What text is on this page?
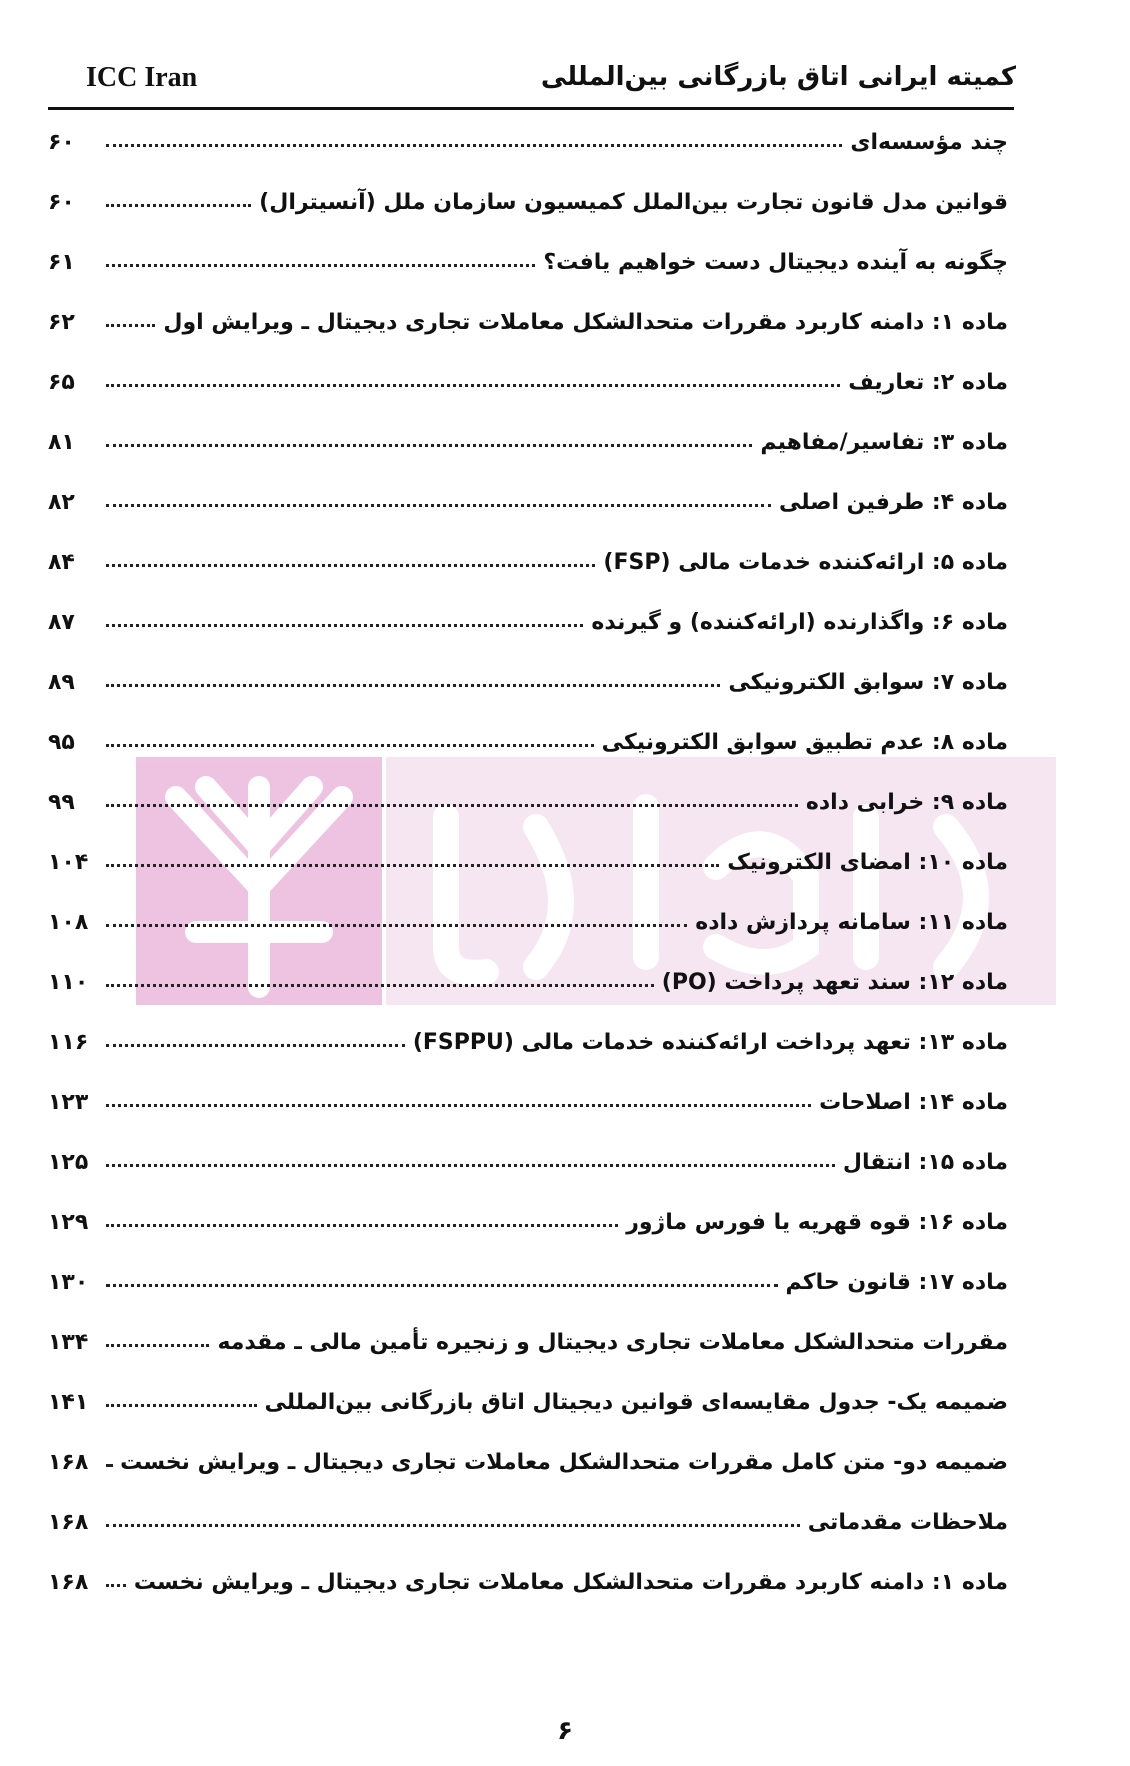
ICC Iran	کمیته ایرانی اتاق بازرگانی بین‌المللی
چند مؤسسه‌ای
۶۰
قوانین مدل قانون تجارت بین‌الملل کمیسیون سازمان ملل (آنسیترال)
۶۰
چگونه به آینده دیجیتال دست خواهیم یافت؟
۶۱
ماده ۱: دامنه کاربرد مقررات متحدالشکل معاملات تجاری دیجیتال ـ ویرایش اول
۶۲
ماده ۲: تعاریف
۶۵
ماده ۳: تفاسیر/مفاهیم
۸۱
ماده ۴: طرفین اصلی
۸۲
ماده ۵: ارائه‌کننده خدمات مالی (FSP)
۸۴
ماده ۶: واگذارنده (ارائه‌کننده) و گیرنده
۸۷
ماده ۷: سوابق الکترونیکی
۸۹
ماده ۸: عدم تطبیق سوابق الکترونیکی
۹۵
ماده ۹: خرابی داده
۹۹
ماده ۱۰: امضای الکترونیک
۱۰۴
ماده ۱۱: سامانه پردازش داده
۱۰۸
ماده ۱۲: سند تعهد پرداخت (PO)
۱۱۰
ماده ۱۳: تعهد پرداخت ارائه‌کننده خدمات مالی (FSPPU)
۱۱۶
ماده ۱۴: اصلاحات
۱۲۳
ماده ۱۵: انتقال
۱۲۵
ماده ۱۶: قوه قهریه یا فورس ماژور
۱۲۹
ماده ۱۷: قانون حاکم
۱۳۰
مقررات متحدالشکل معاملات تجاری دیجیتال و زنجیره تأمین مالی ـ مقدمه
۱۳۴
ضمیمه یک- جدول مقایسه‌ای قوانین دیجیتال اتاق بازرگانی بین‌المللی
۱۴۱
ضمیمه دو- متن کامل مقررات متحدالشکل معاملات تجاری دیجیتال ـ ویرایش نخست
۱۶۸
ملاحظات مقدماتی
۱۶۸
ماده ۱: دامنه کاربرد مقررات متحدالشکل معاملات تجاری دیجیتال ـ ویرایش نخست
۱۶۸
۶
